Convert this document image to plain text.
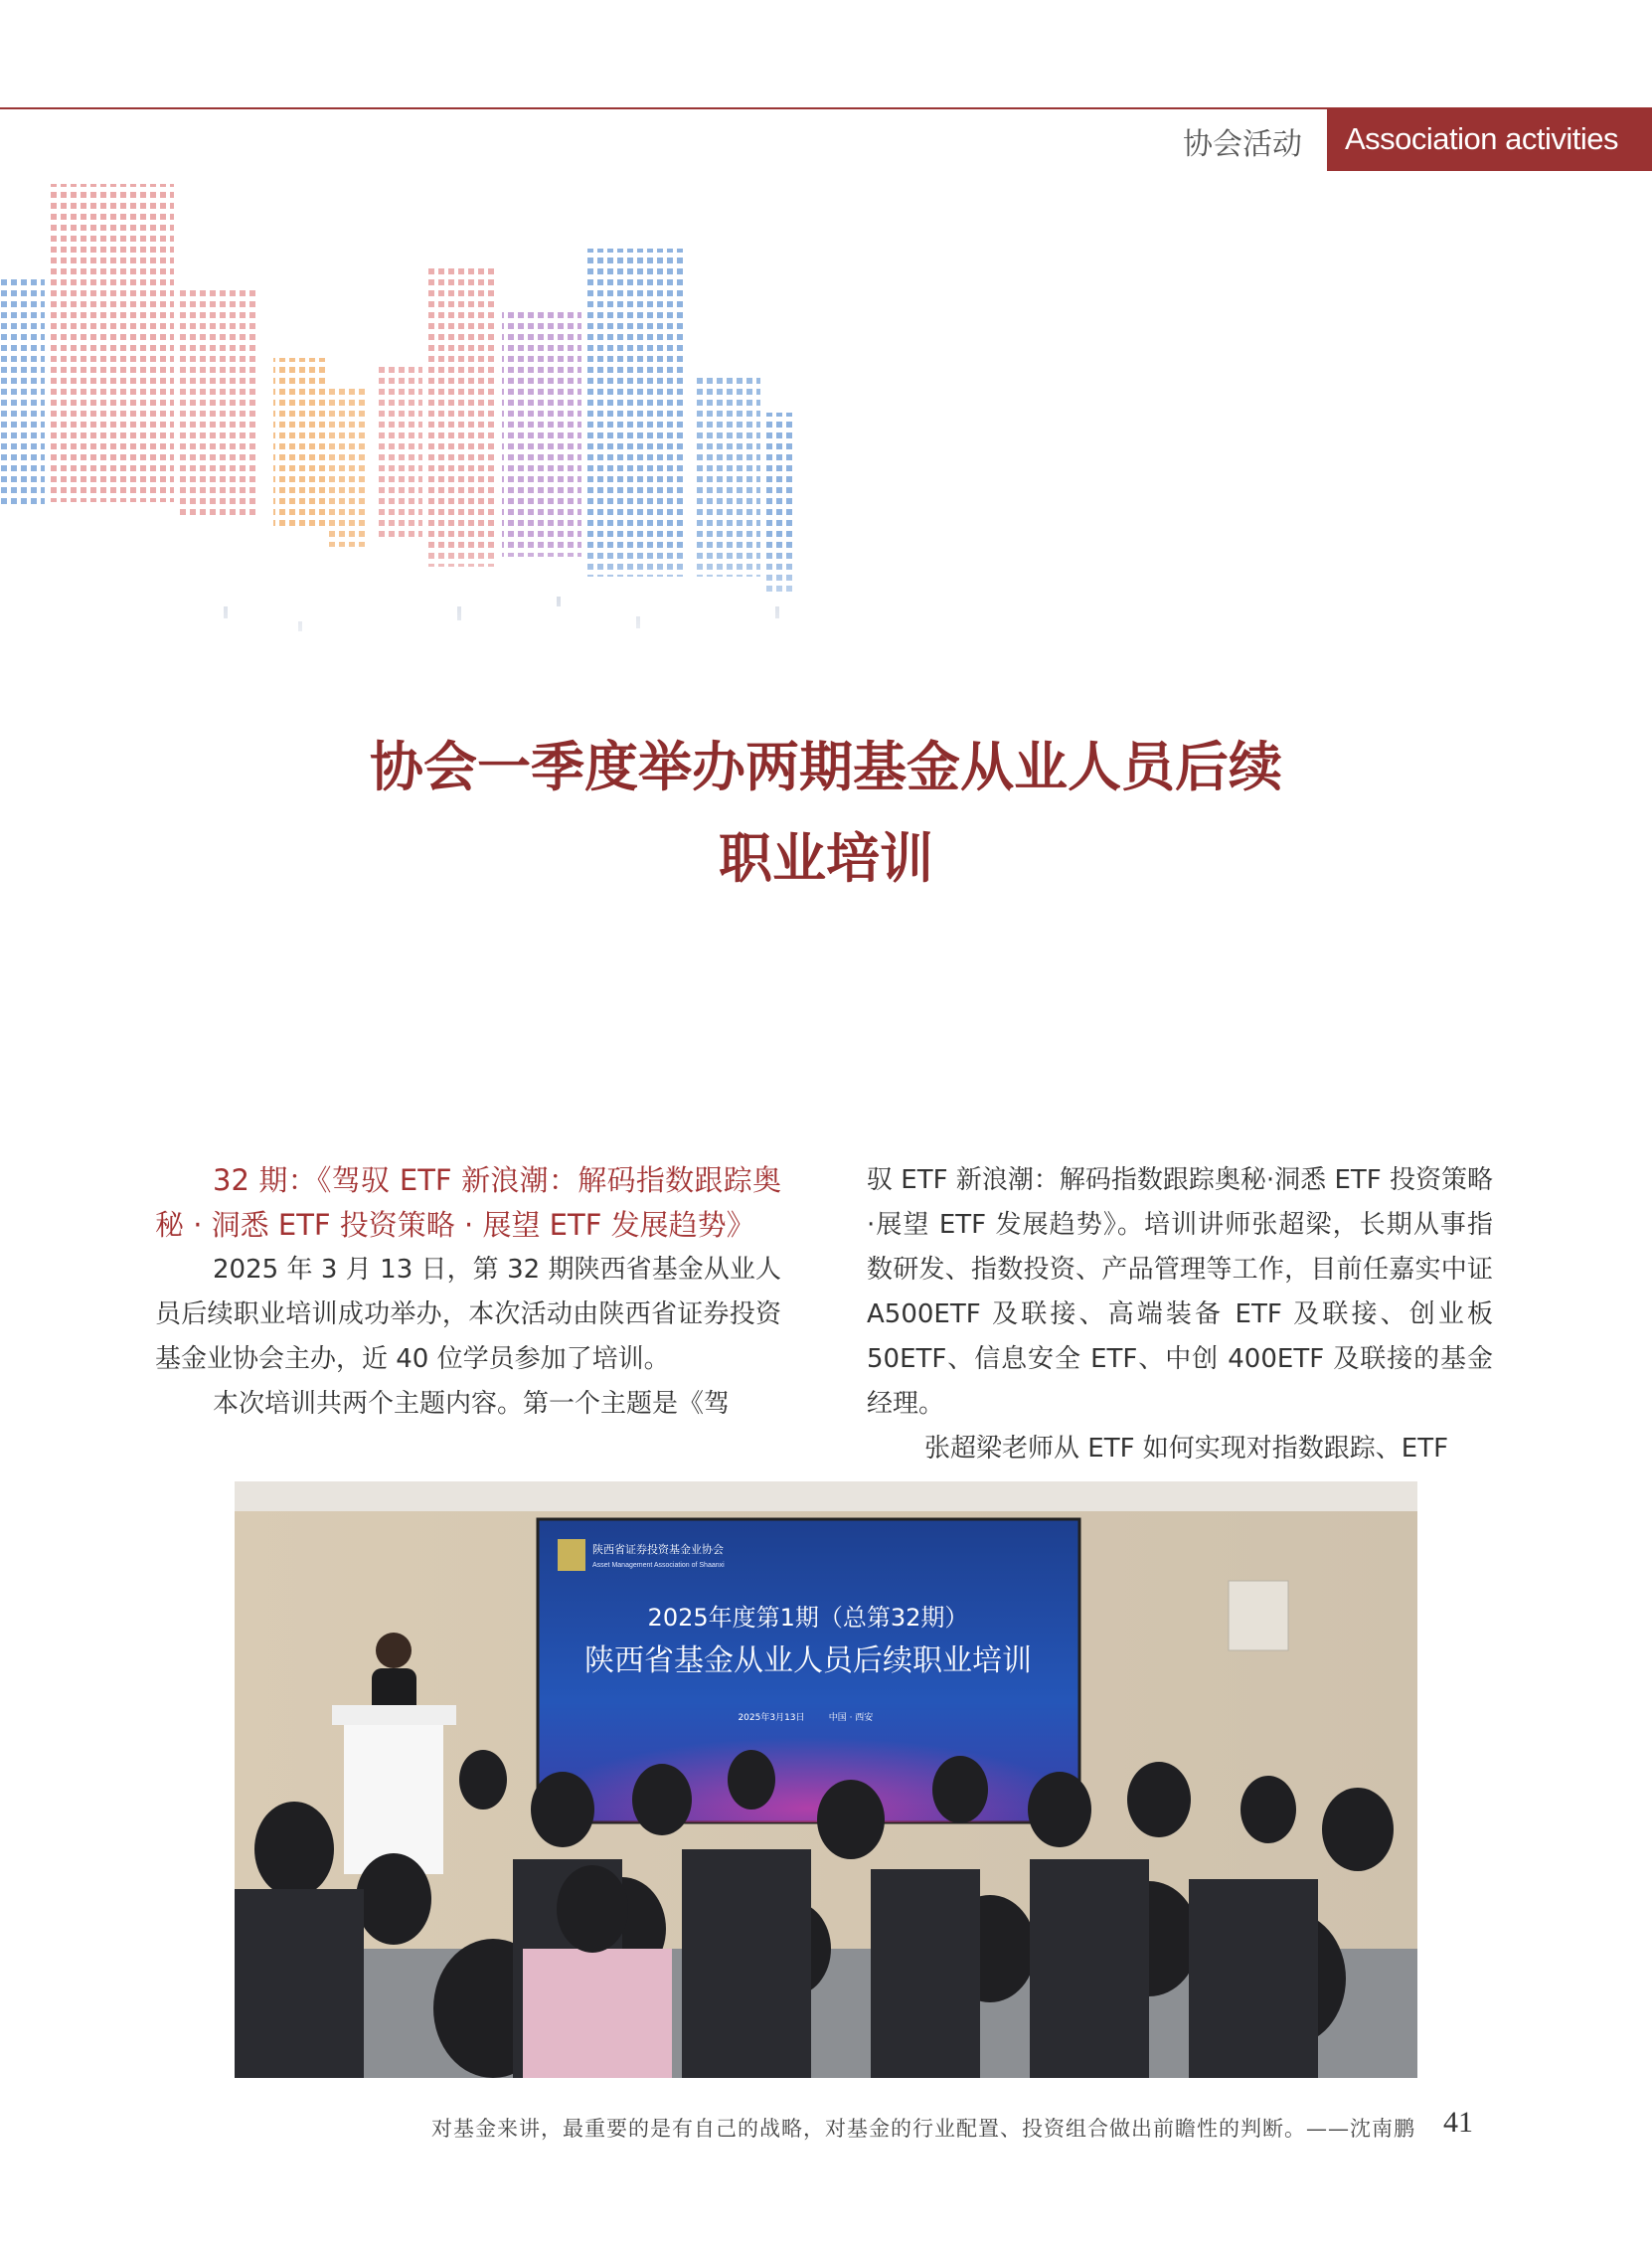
协会活动	Association activities
协会一季度举办两期基金从业人员后续
职业培训

32 期：《驾驭 ETF 新浪潮：解码指数跟踪奥秘 · 洞悉 ETF 投资策略 · 展望 ETF 发展趋势》

2025 年 3 月 13 日，第 32 期陕西省基金从业人员后续职业培训成功举办，本次活动由陕西省证券投资基金业协会主办，近 40 位学员参加了培训。

本次培训共两个主题内容。第一个主题是《驾

驭 ETF 新浪潮：解码指数跟踪奥秘·洞悉 ETF 投资策略·展望 ETF 发展趋势》。培训讲师张超梁，长期从事指数研发、指数投资、产品管理等工作，目前任嘉实中证 A500ETF 及联接、高端装备 ETF 及联接、创业板 50ETF、信息安全 ETF、中创 400ETF 及联接的基金经理。

张超梁老师从 ETF 如何实现对指数跟踪、ETF

陕西省证券投资基金业协会
Asset Management Association of Shaanxi
2025年度第1期（总第32期）
陕西省基金从业人员后续职业培训
2025年3月13日	中国 · 西安
对基金来讲，最重要的是有自己的战略，对基金的行业配置、投资组合做出前瞻性的判断。——沈南鹏 41
